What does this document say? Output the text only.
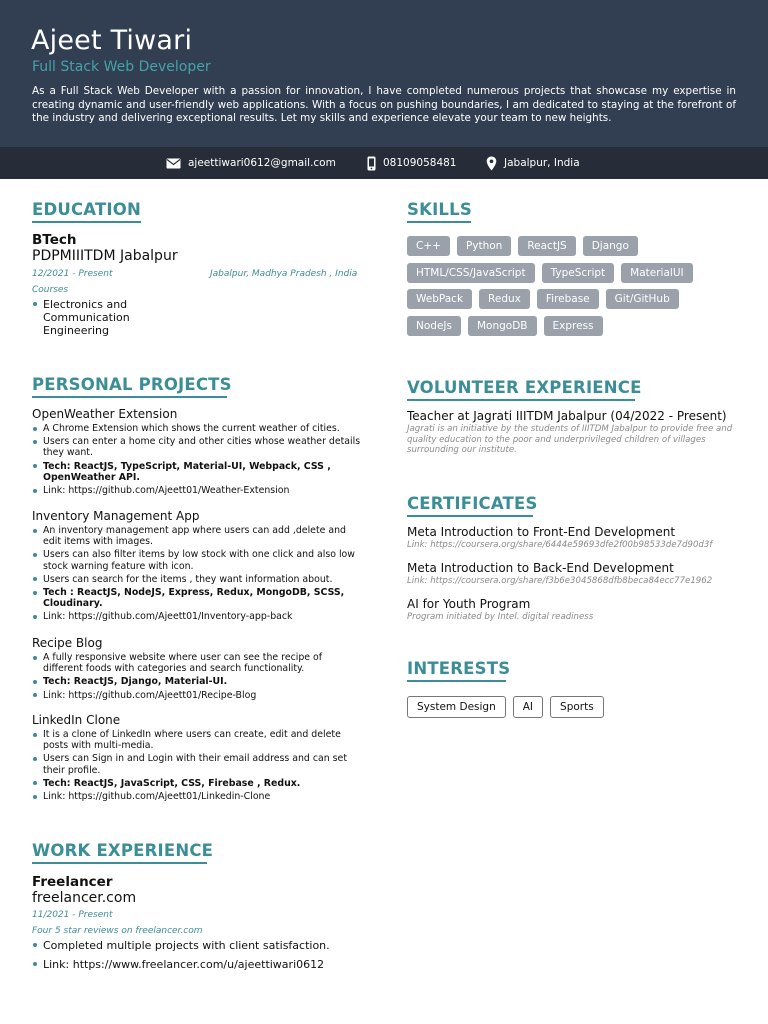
Ajeet Tiwari
Full Stack Web Developer
As a Full Stack Web Developer with a passion for innovation, I have completed numerous projects that showcase my expertise in creating dynamic and user-friendly web applications. With a focus on pushing boundaries, I am dedicated to staying at the forefront of the industry and delivering exceptional results. Let my skills and experience elevate your team to new heights.
ajeettiwari0612@gmail.com	08109058481	Jabalpur, India
EDUCATION
BTech
PDPMIIITDM Jabalpur
12/2021 - Present	Jabalpur, Madhya Pradesh , India
Courses
Electronics and Communication Engineering
PERSONAL PROJECTS
OpenWeather Extension
A Chrome Extension which shows the current weather of cities.
Users can enter a home city and other cities whose weather details they want.
Tech: ReactJS, TypeScript, Material-UI, Webpack, CSS , OpenWeather API.
Link: https://github.com/Ajeett01/Weather-Extension
Inventory Management App
An inventory management app where users can add ,delete and edit items with images.
Users can also filter items by low stock with one click and also low stock warning feature with icon.
Users can search for the items , they want information about.
Tech : ReactJS, NodeJS, Express, Redux, MongoDB, SCSS, Cloudinary.
Link: https://github.com/Ajeett01/Inventory-app-back
Recipe Blog
A fully responsive website where user can see the recipe of different foods with categories and search functionality.
Tech: ReactJS, Django, Material-UI.
Link: https://github.com/Ajeett01/Recipe-Blog
LinkedIn Clone
It is a clone of LinkedIn where users can create, edit and delete posts with multi-media.
Users can Sign in and Login with their email address and can set their profile.
Tech: ReactJS, JavaScript, CSS, Firebase , Redux.
Link: https://github.com/Ajeett01/Linkedin-Clone
WORK EXPERIENCE
Freelancer
freelancer.com
11/2021 - Present
Four 5 star reviews on freelancer.com
Completed multiple projects with client satisfaction.
Link: https://www.freelancer.com/u/ajeettiwari0612
SKILLS
C++	Python	ReactJS	Django
HTML/CSS/JavaScript	TypeScript	MaterialUI
WebPack	Redux	Firebase	Git/GitHub
NodeJs	MongoDB	Express
VOLUNTEER EXPERIENCE
Teacher at Jagrati IIITDM Jabalpur (04/2022 - Present)
Jagrati is an initiative by the students of IIITDM Jabalpur to provide free and quality education to the poor and underprivileged children of villages surrounding our institute.
CERTIFICATES
Meta Introduction to Front-End Development
Link: https://coursera.org/share/6444e59693dfe2f00b98533de7d90d3f
Meta Introduction to Back-End Development
Link: https://coursera.org/share/f3b6e3045868dfb8beca84ecc77e1962
AI for Youth Program
Program initiated by Intel. digital readiness
INTERESTS
System Design	AI	Sports
